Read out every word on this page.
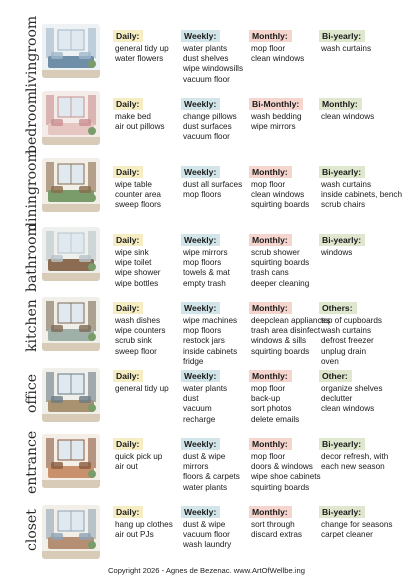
livingroom	Daily:
general tidy up
water flowers
Weekly:
water plants
dust shelves
wipe windowsills
vacuum floor
Monthly:
mop floor
clean windows
Bi-yearly:
wash curtains
bedroom	Daily:
make bed
air out pillows
Weekly:
change pillows
dust surfaces
vacuum floor
Bi-Monthly:
wash bedding
wipe mirrors
Monthly:
clean windows
diningroom	Daily:
wipe table
counter area
sweep floors
Weekly:
dust all surfaces
mop floors
Monthly:
mop floor
clean windows
squirting boards
Bi-yearly:
wash curtains
inside cabinets, bench
scrub chairs
bathroom	Daily:
wipe sink
wipe toilet
wipe shower
wipe bottles
Weekly:
wipe mirrors
mop floors
towels & mat
empty trash
Monthly:
scrub shower
squirting boards
trash cans
deeper cleaning
Bi-yearly:
windows
kitchen	Daily:
wash dishes
wipe counters
scrub sink
sweep floor
Weekly:
wipe machines
mop floors
restock jars
inside cabinets
fridge
Monthly:
deepclean appliances
trash area disinfect
windows & sills
squirting boards
Others:
top of cupboards
wash curtains
defrost freezer
unplug drain
oven
office	Daily:
general tidy up
Weekly:
water plants
dust
vacuum
recharge
Monthly:
mop floor
back-up
sort photos
delete emails
Other:
organize shelves
declutter
clean windows
entrance	Daily:
quick pick up
air out
Weekly:
dust & wipe
mirrors
floors & carpets
water plants
Monthly:
mop floor
doors & windows
wipe shoe cabinets
squirting boards
Bi-yearly:
decor refresh, with
each new season
closet	Daily:
hang up clothes
air out PJs
Weekly:
dust & wipe
vacuum floor
wash laundry
Monthly:
sort through
discard extras
Bi-yearly:
change for seasons
carpet cleaner
Copyright 2026 - Agnes de Bezenac. www.ArtOfWellbe.ing
